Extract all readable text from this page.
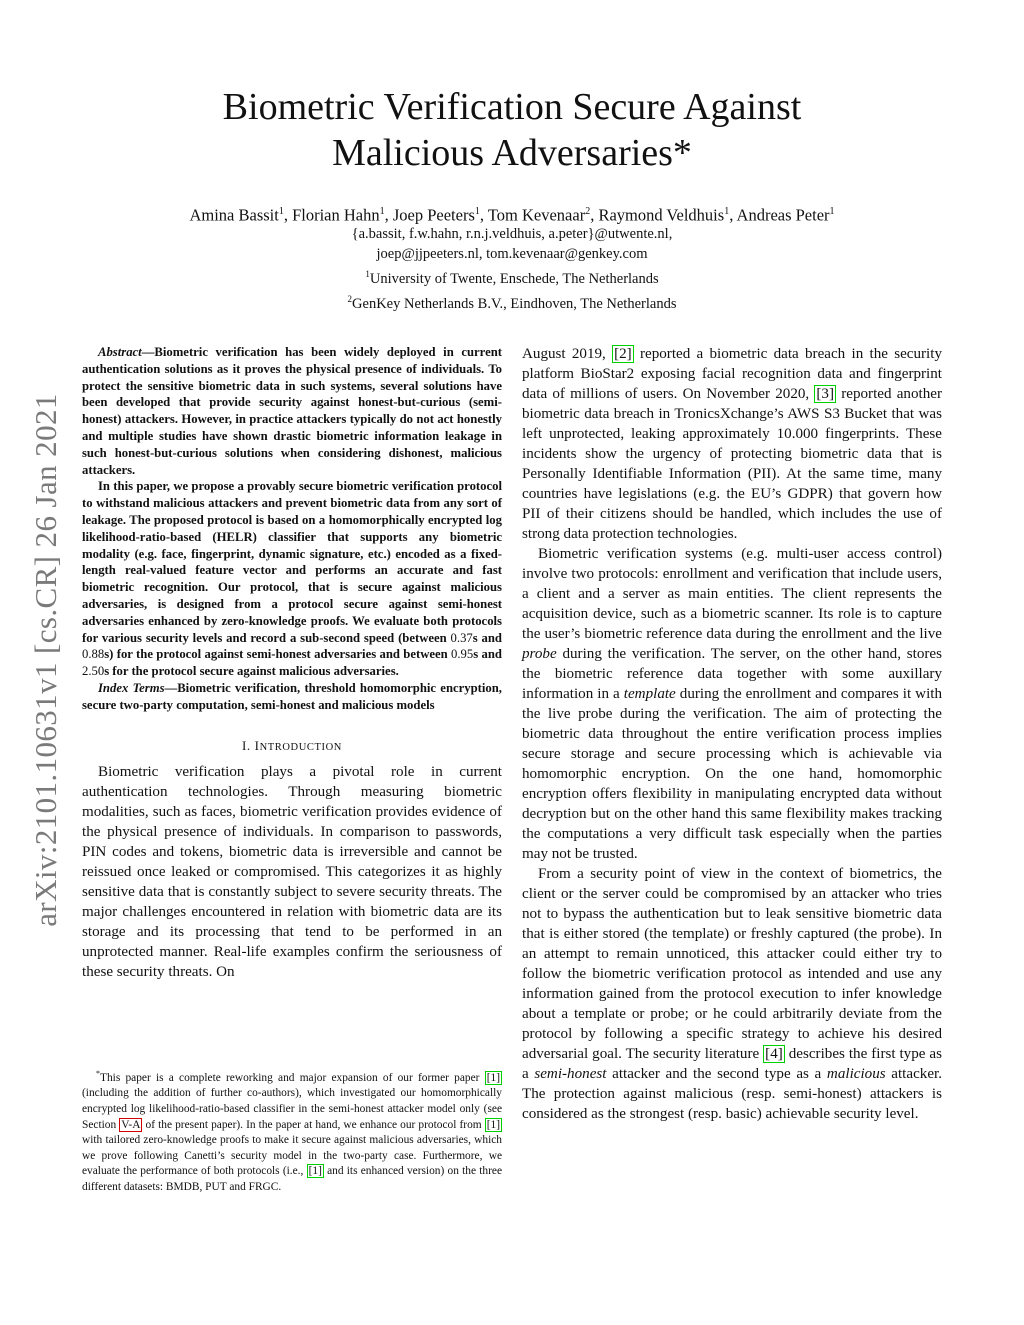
arXiv:2101.10631v1 [cs.CR] 26 Jan 2021
Biometric Verification Secure Against
Malicious Adversaries*
Amina Bassit$^1$, Florian Hahn$^1$, Joep Peeters$^1$, Tom Kevenaar$^2$, Raymond Veldhuis$^1$, Andreas Peter$^1$
{a.bassit, f.w.hahn, r.n.j.veldhuis, a.peter}@utwente.nl,
joep@jjpeeters.nl, tom.kevenaar@genkey.com
$^1$University of Twente, Enschede, The Netherlands
$^2$GenKey Netherlands B.V., Eindhoven, The Netherlands

Abstract—Biometric verification has been widely deployed in current authentication solutions as it proves the physical presence of individuals. To protect the sensitive biometric data in such systems, several solutions have been developed that provide security against honest-but-curious (semi-honest) attackers. However, in practice attackers typically do not act honestly and multiple studies have shown drastic biometric information leakage in such honest-but-curious solutions when considering dishonest, malicious attackers.

In this paper, we propose a provably secure biometric verification protocol to withstand malicious attackers and prevent biometric data from any sort of leakage. The proposed protocol is based on a homomorphically encrypted log likelihood-ratio-based (HELR) classifier that supports any biometric modality (e.g. face, fingerprint, dynamic signature, etc.) encoded as a fixed-length real-valued feature vector and performs an accurate and fast biometric recognition. Our protocol, that is secure against malicious adversaries, is designed from a protocol secure against semi-honest adversaries enhanced by zero-knowledge proofs. We evaluate both protocols for various security levels and record a sub-second speed (between 0.37s and 0.88s) for the protocol against semi-honest adversaries and between 0.95s and 2.50s for the protocol secure against malicious adversaries.

Index Terms—Biometric verification, threshold homomorphic encryption, secure two-party computation, semi-honest and malicious models

I. INTRODUCTION

Biometric verification plays a pivotal role in current authentication technologies. Through measuring biometric modalities, such as faces, biometric verification provides evidence of the physical presence of individuals. In comparison to passwords, PIN codes and tokens, biometric data is irreversible and cannot be reissued once leaked or compromised. This categorizes it as highly sensitive data that is constantly subject to severe security threats. The major challenges encountered in relation with biometric data are its storage and its processing that tend to be performed in an unprotected manner. Real-life examples confirm the seriousness of these security threats. On

*This paper is a complete reworking and major expansion of our former paper [1] (including the addition of further co-authors), which investigated our homomorphically encrypted log likelihood-ratio-based classifier in the semi-honest attacker model only (see Section V-A of the present paper). In the paper at hand, we enhance our protocol from [1] with tailored zero-knowledge proofs to make it secure against malicious adversaries, which we prove following Canetti’s security model in the two-party case. Furthermore, we evaluate the performance of both protocols (i.e., [1] and its enhanced version) on the three different datasets: BMDB, PUT and FRGC.

August 2019, [2] reported a biometric data breach in the security platform BioStar2 exposing facial recognition data and fingerprint data of millions of users. On November 2020, [3] reported another biometric data breach in TronicsXchange’s AWS S3 Bucket that was left unprotected, leaking approximately 10.000 fingerprints. These incidents show the urgency of protecting biometric data that is Personally Identifiable Information (PII). At the same time, many countries have legislations (e.g. the EU’s GDPR) that govern how PII of their citizens should be handled, which includes the use of strong data protection technologies.

Biometric verification systems (e.g. multi-user access control) involve two protocols: enrollment and verification that include users, a client and a server as main entities. The client represents the acquisition device, such as a biometric scanner. Its role is to capture the user’s biometric reference data during the enrollment and the live probe during the verification. The server, on the other hand, stores the biometric reference data together with some auxillary information in a template during the enrollment and compares it with the live probe during the verification. The aim of protecting the biometric data throughout the entire verification process implies secure storage and secure processing which is achievable via homomorphic encryption. On the one hand, homomorphic encryption offers flexibility in manipulating encrypted data without decryption but on the other hand this same flexibility makes tracking the computations a very difficult task especially when the parties may not be trusted.

From a security point of view in the context of biometrics, the client or the server could be compromised by an attacker who tries not to bypass the authentication but to leak sensitive biometric data that is either stored (the template) or freshly captured (the probe). In an attempt to remain unnoticed, this attacker could either try to follow the biometric verification protocol as intended and use any information gained from the protocol execution to infer knowledge about a template or probe; or he could arbitrarily deviate from the protocol by following a specific strategy to achieve his desired adversarial goal. The security literature [4] describes the first type as a semi-honest attacker and the second type as a malicious attacker. The protection against malicious (resp. semi-honest) attackers is considered as the strongest (resp. basic) achievable security level.
